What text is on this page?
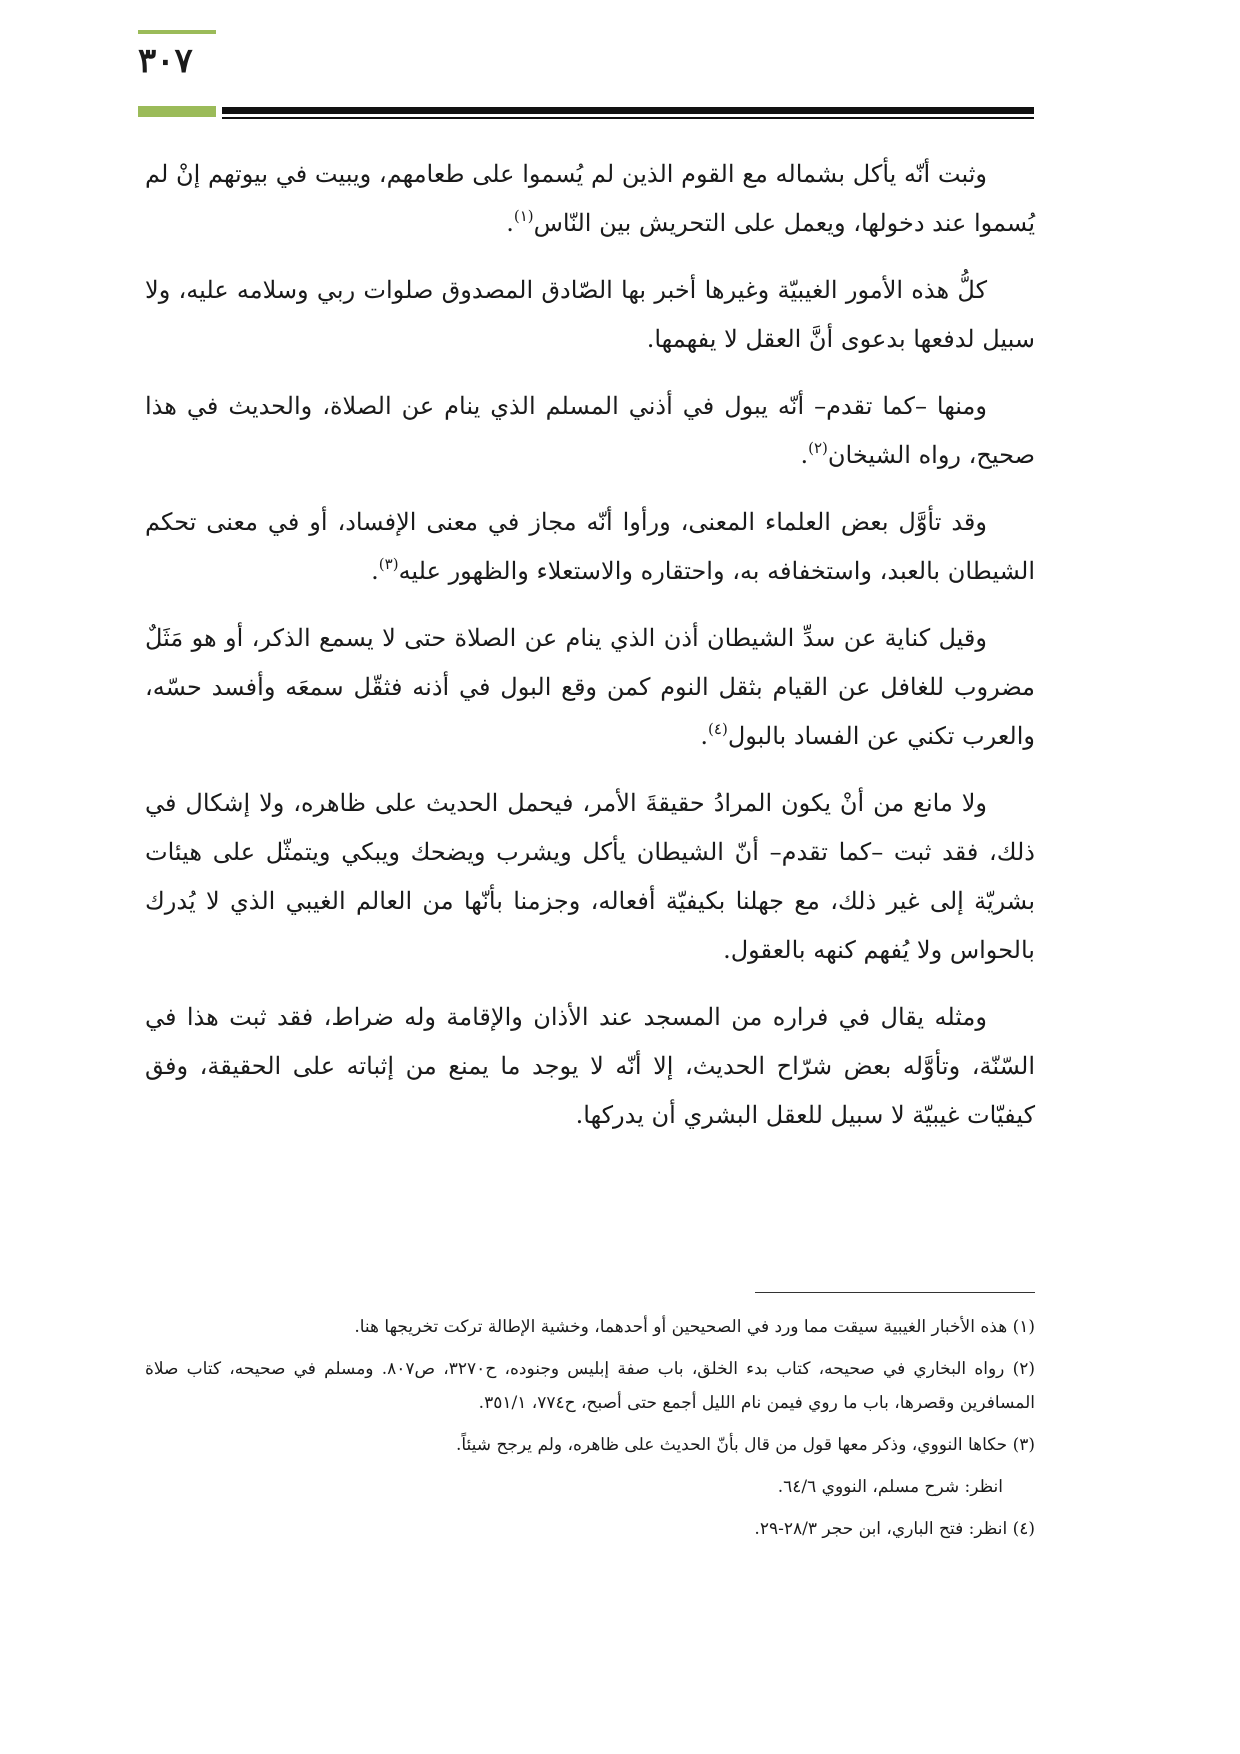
٣٠٧

وثبت أنّه يأكل بشماله مع القوم الذين لم يُسموا على طعامهم، ويبيت في بيوتهم إنْ لم يُسموا عند دخولها، ويعمل على التحريش بين النّاس$^{(١)}$.

كلُّ هذه الأمور الغيبيّة وغيرها أخبر بها الصّادق المصدوق صلوات ربي وسلامه عليه، ولا سبيل لدفعها بدعوى أنَّ العقل لا يفهمها.

ومنها –كما تقدم– أنّه يبول في أذني المسلم الذي ينام عن الصلاة، والحديث في هذا صحيح، رواه الشيخان$^{(٢)}$.

وقد تأوَّل بعض العلماء المعنى، ورأوا أنّه مجاز في معنى الإفساد، أو في معنى تحكم الشيطان بالعبد، واستخفافه به، واحتقاره والاستعلاء والظهور عليه$^{(٣)}$.

وقيل كناية عن سدِّ الشيطان أذن الذي ينام عن الصلاة حتى لا يسمع الذكر، أو هو مَثَلٌ مضروب للغافل عن القيام بثقل النوم كمن وقع البول في أذنه فثقّل سمعَه وأفسد حسّه، والعرب تكني عن الفساد بالبول$^{(٤)}$.

ولا مانع من أنْ يكون المرادُ حقيقةَ الأمر، فيحمل الحديث على ظاهره، ولا إشكال في ذلك، فقد ثبت –كما تقدم– أنّ الشيطان يأكل ويشرب ويضحك ويبكي ويتمثّل على هيئات بشريّة إلى غير ذلك، مع جهلنا بكيفيّة أفعاله، وجزمنا بأنّها من العالم الغيبي الذي لا يُدرك بالحواس ولا يُفهم كنهه بالعقول.

ومثله يقال في فراره من المسجد عند الأذان والإقامة وله ضراط، فقد ثبت هذا في السّنّة، وتأوَّله بعض شرّاح الحديث، إلا أنّه لا يوجد ما يمنع من إثباته على الحقيقة، وفق كيفيّات غيبيّة لا سبيل للعقل البشري أن يدركها.

(١) هذه الأخبار الغيبية سيقت مما ورد في الصحيحين أو أحدهما، وخشية الإطالة تركت تخريجها هنا.

(٢) رواه البخاري في صحيحه، كتاب بدء الخلق، باب صفة إبليس وجنوده، ح٣٢٧٠، ص٨٠٧. ومسلم في صحيحه، كتاب صلاة المسافرين وقصرها، باب ما روي فيمن نام الليل أجمع حتى أصبح، ح٧٧٤، ٣٥١/١.

(٣) حكاها النووي، وذكر معها قول من قال بأنّ الحديث على ظاهره، ولم يرجح شيئاً.

انظر: شرح مسلم، النووي ٦٤/٦.

(٤) انظر: فتح الباري، ابن حجر ٢٨/٣-٢٩.
